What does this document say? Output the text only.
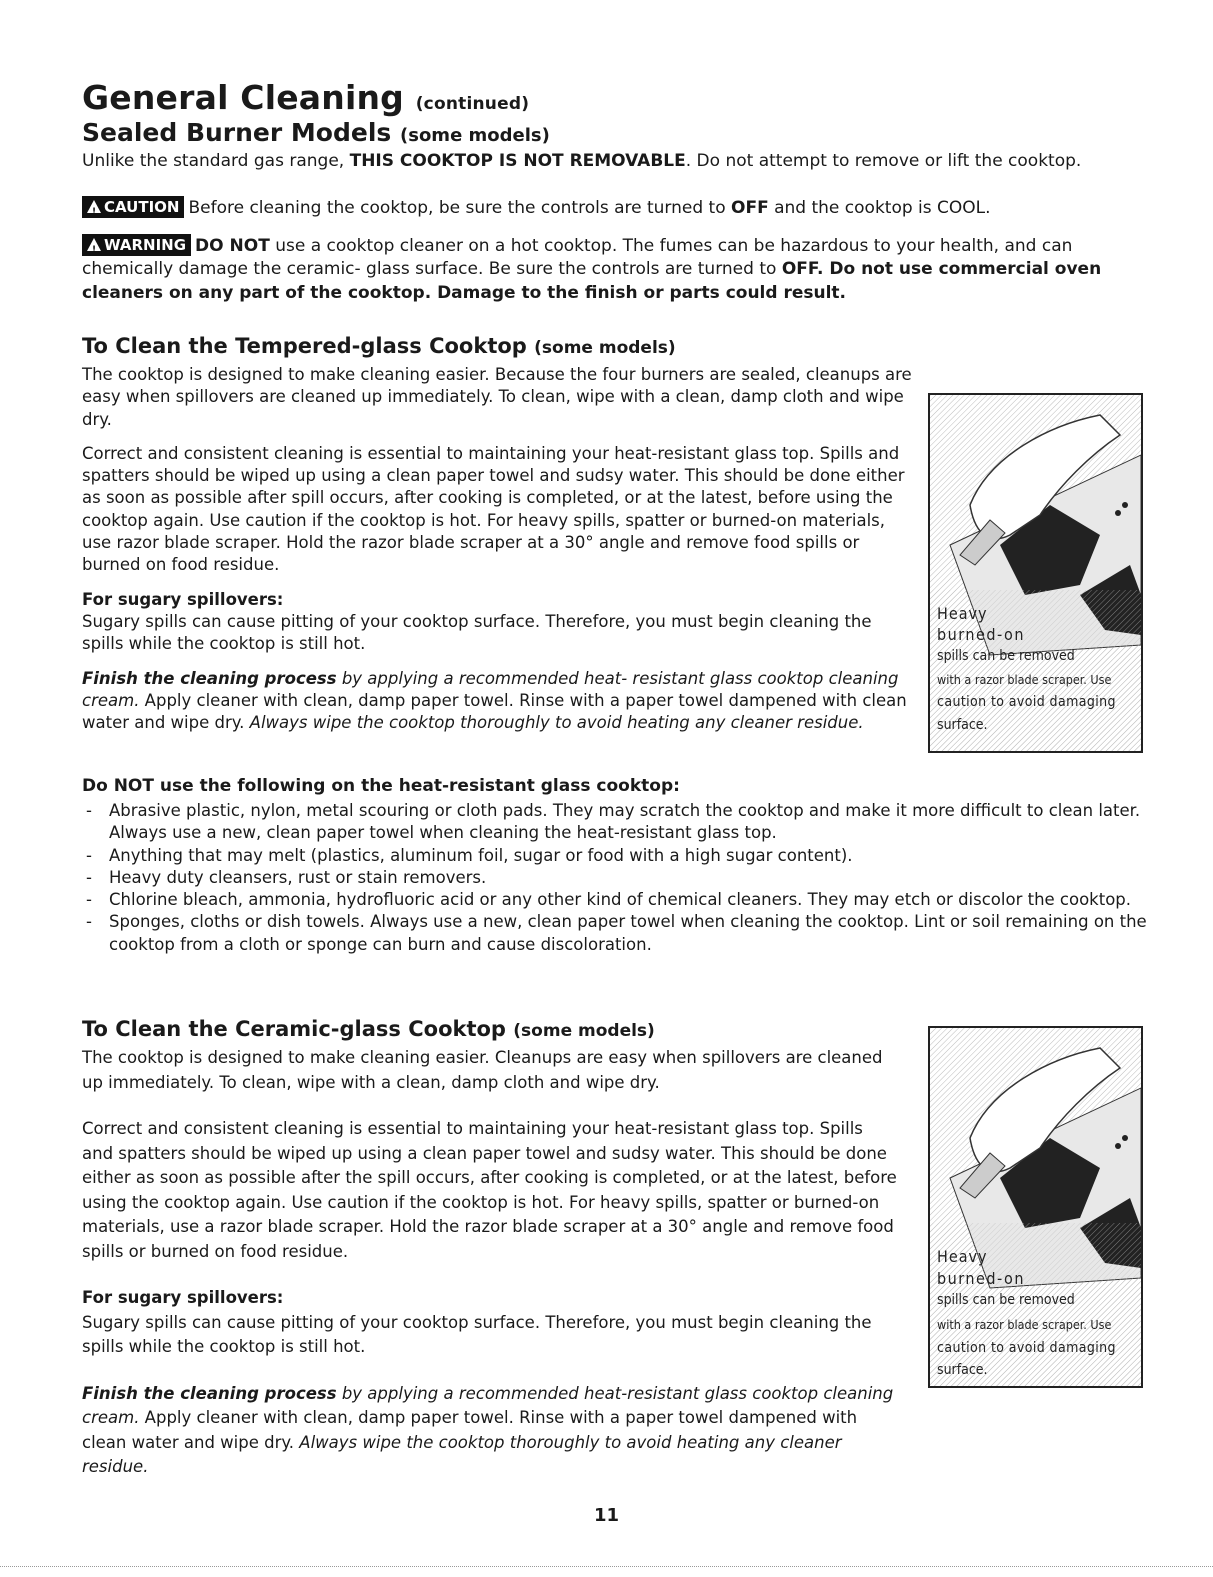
General Cleaning (continued)
Sealed Burner Models (some models)
Unlike the standard gas range, THIS COOKTOP IS NOT REMOVABLE. Do not attempt to remove or lift the cooktop.
!CAUTION Before cleaning the cooktop, be sure the controls are turned to OFF and the cooktop is COOL.
!WARNING DO NOT use a cooktop cleaner on a hot cooktop. The fumes can be hazardous to your health, and can
chemically damage the ceramic- glass surface. Be sure the controls are turned to OFF. Do not use commercial oven
cleaners on any part of the cooktop. Damage to the finish or parts could result.
To Clean the Tempered-glass Cooktop (some models)

The cooktop is designed to make cleaning easier. Because the four burners are sealed, cleanups are easy when spillovers are cleaned up immediately. To clean, wipe with a clean, damp cloth and wipe dry.

Correct and consistent cleaning is essential to maintaining your heat-resistant glass top. Spills and spatters should be wiped up using a clean paper towel and sudsy water. This should be done either as soon as possible after spill occurs, after cooking is completed, or at the latest, before using the cooktop again. Use caution if the cooktop is hot. For heavy spills, spatter or burned-on materials, use razor blade scraper. Hold the razor blade scraper at a 30° angle and remove food spills or burned on food residue.

For sugary spillovers:

Sugary spills can cause pitting of your cooktop surface. Therefore, you must begin cleaning the spills while the cooktop is still hot.

Finish the cleaning process by applying a recommended heat- resistant glass cooktop cleaning cream. Apply cleaner with clean, damp paper towel. Rinse with a paper towel dampened with clean water and wipe dry. Always wipe the cooktop thoroughly to avoid heating any cleaner residue.

Do NOT use the following on the heat-resistant glass cooktop:
- Abrasive plastic, nylon, metal scouring or cloth pads. They may scratch the cooktop and make it more difficult to clean later. Always use a new, clean paper towel when cleaning the heat-resistant glass top.
- Anything that may melt (plastics, aluminum foil, sugar or food with a high sugar content).
- Heavy duty cleansers, rust or stain removers.
- Chlorine bleach, ammonia, hydrofluoric acid or any other kind of chemical cleaners. They may etch or discolor the cooktop.
- Sponges, cloths or dish towels. Always use a new, clean paper towel when cleaning the cooktop. Lint or soil remaining on the cooktop from a cloth or sponge can burn and cause discoloration.
Heavy
burned-on
spills can be removed
with a razor blade scraper. Use
caution to avoid damaging
surface.
To Clean the Ceramic-glass Cooktop (some models)

The cooktop is designed to make cleaning easier. Cleanups are easy when spillovers are cleaned up immediately. To clean, wipe with a clean, damp cloth and wipe dry.

Correct and consistent cleaning is essential to maintaining your heat-resistant glass top. Spills and spatters should be wiped up using a clean paper towel and sudsy water. This should be done either as soon as possible after the spill occurs, after cooking is completed, or at the latest, before using the cooktop again. Use caution if the cooktop is hot. For heavy spills, spatter or burned-on materials, use a razor blade scraper. Hold the razor blade scraper at a 30° angle and remove food spills or burned on food residue.

For sugary spillovers:

Sugary spills can cause pitting of your cooktop surface. Therefore, you must begin cleaning the spills while the cooktop is still hot.

Finish the cleaning process by applying a recommended heat-resistant glass cooktop cleaning cream. Apply cleaner with clean, damp paper towel. Rinse with a paper towel dampened with clean water and wipe dry. Always wipe the cooktop thoroughly to avoid heating any cleaner residue.

Heavy
burned-on
spills can be removed
with a razor blade scraper. Use
caution to avoid damaging
surface.
11
